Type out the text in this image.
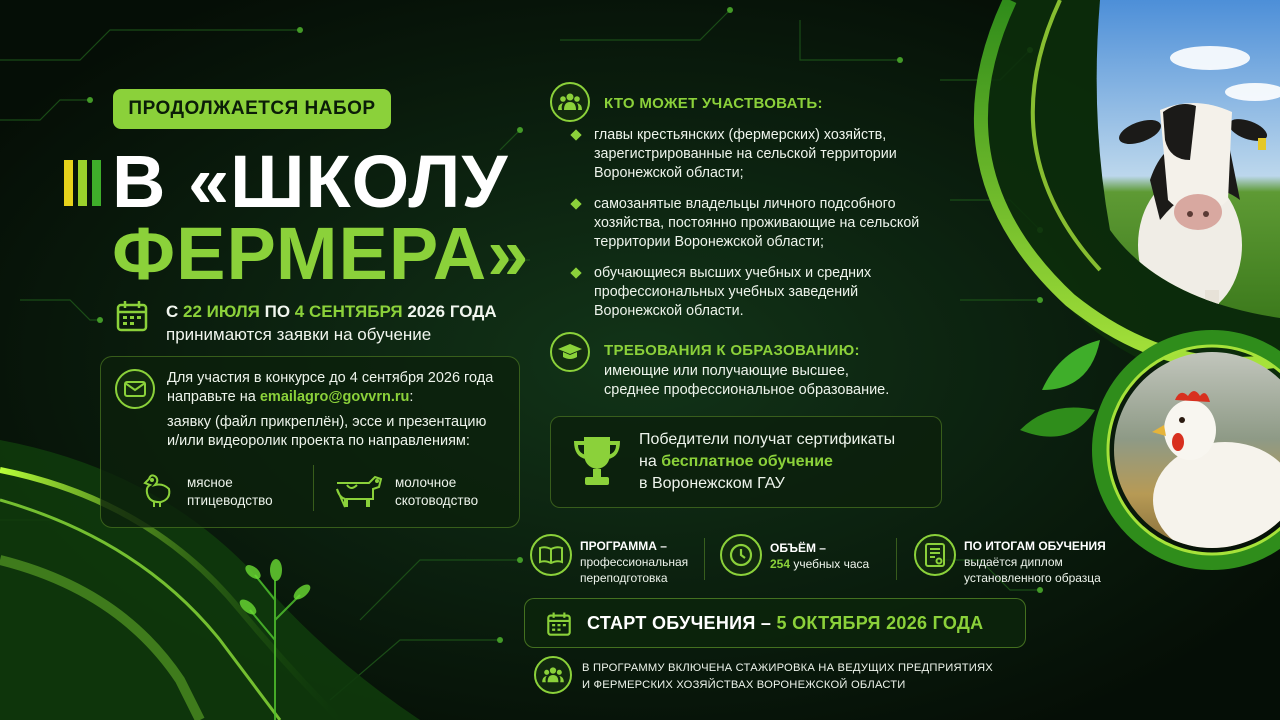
ПРОДОЛЖАЕТСЯ НАБОР
В «ШКОЛУ
ФЕРМЕРА»
С 22 ИЮЛЯ ПО 4 СЕНТЯБРЯ 2026 ГОДА
принимаются заявки на обучение
Для участия в конкурсе до 4 сентября 2026 года
направьте на emailagro@govvrn.ru:
заявку (файл прикреплён), эссе и презентацию
и/или видеоролик проекта по направлениям:
мясное
птицеводство
молочное
скотоводство
КТО МОЖЕТ УЧАСТВОВАТЬ:
главы крестьянских (фермерских) хозяйств,
зарегистрированные на сельской территории
Воронежской области;
самозанятые владельцы личного подсобного
хозяйства, постоянно проживающие на сельской
территории Воронежской области;
обучающиеся высших учебных и средних
профессиональных учебных заведений
Воронежской области.
ТРЕБОВАНИЯ К ОБРАЗОВАНИЮ:
имеющие или получающие высшее,
среднее профессиональное образование.
Победители получат сертификаты
на бесплатное обучение
в Воронежском ГАУ
ПРОГРАММА –
профессиональная
переподготовка
ОБЪЁМ –
254 учебных часа
ПО ИТОГАМ ОБУЧЕНИЯ
выдаётся диплом
установленного образца
СТАРТ ОБУЧЕНИЯ – 5 ОКТЯБРЯ 2026 ГОДА
В ПРОГРАММУ ВКЛЮЧЕНА СТАЖИРОВКА НА ВЕДУЩИХ ПРЕДПРИЯТИЯХ
И ФЕРМЕРСКИХ ХОЗЯЙСТВАХ ВОРОНЕЖСКОЙ ОБЛАСТИ
